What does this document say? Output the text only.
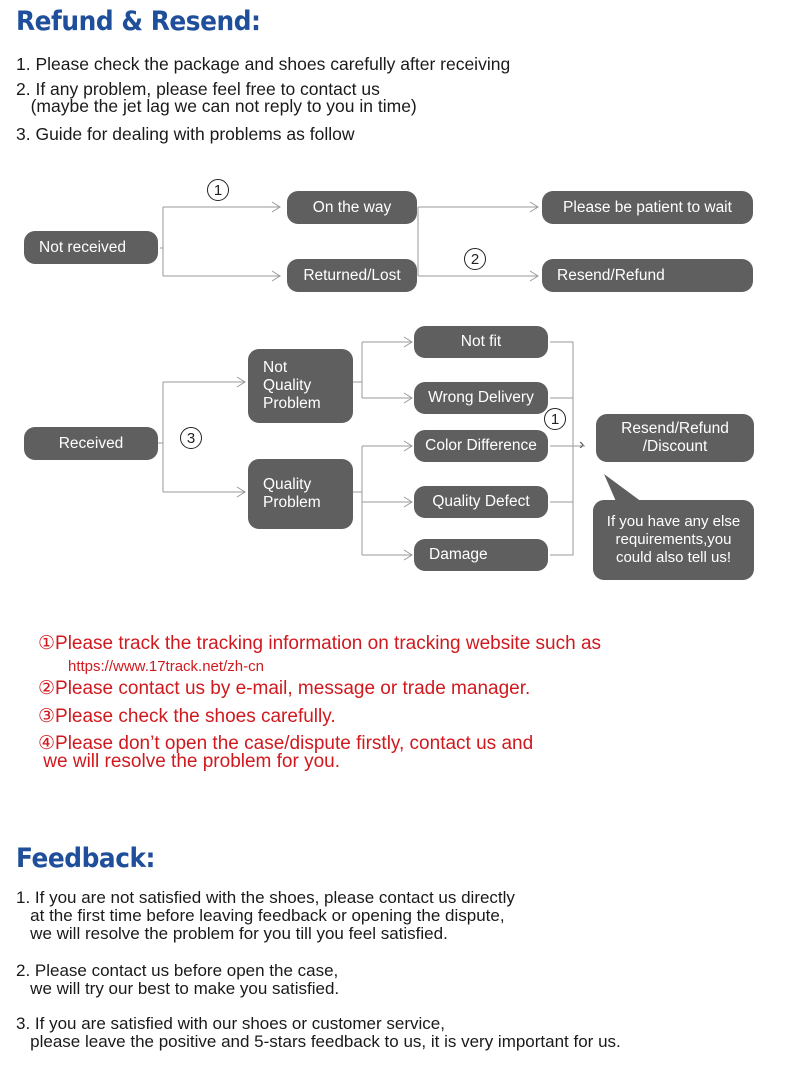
Refund & Resend:
1. Please check the package and shoes carefully after receiving
2. If any problem, please feel free to contact us
(maybe the jet lag we can not reply to you in time)
3. Guide for dealing with problems as follow
Not received
On the way
Returned/Lost
Please be patient to wait
Resend/Refund
1
2
Received	3
Not
Quality
Problem
Quality
Problem
Not fit
Wrong Delivery
Color Difference
Quality Defect
Damage
1
›
Resend/Refund
/Discount
If you have any else
requirements,you
could also tell us!
①Please track the tracking information on tracking website such as
https://www.17track.net/zh-cn
②Please contact us by e-mail, message or trade manager.
③Please check the shoes carefully.
④Please don’t open the case/dispute firstly, contact us and
we will resolve the problem for you.
Feedback:
1. If you are not satisfied with the shoes, please contact us directly
at the first time before leaving feedback or opening the dispute,
we will resolve the problem for you till you feel satisfied.
2. Please contact us before open the case,
we will try our best to make you satisfied.
3. If you are satisfied with our shoes or customer service,
please leave the positive and 5-stars feedback to us, it is very important for us.
